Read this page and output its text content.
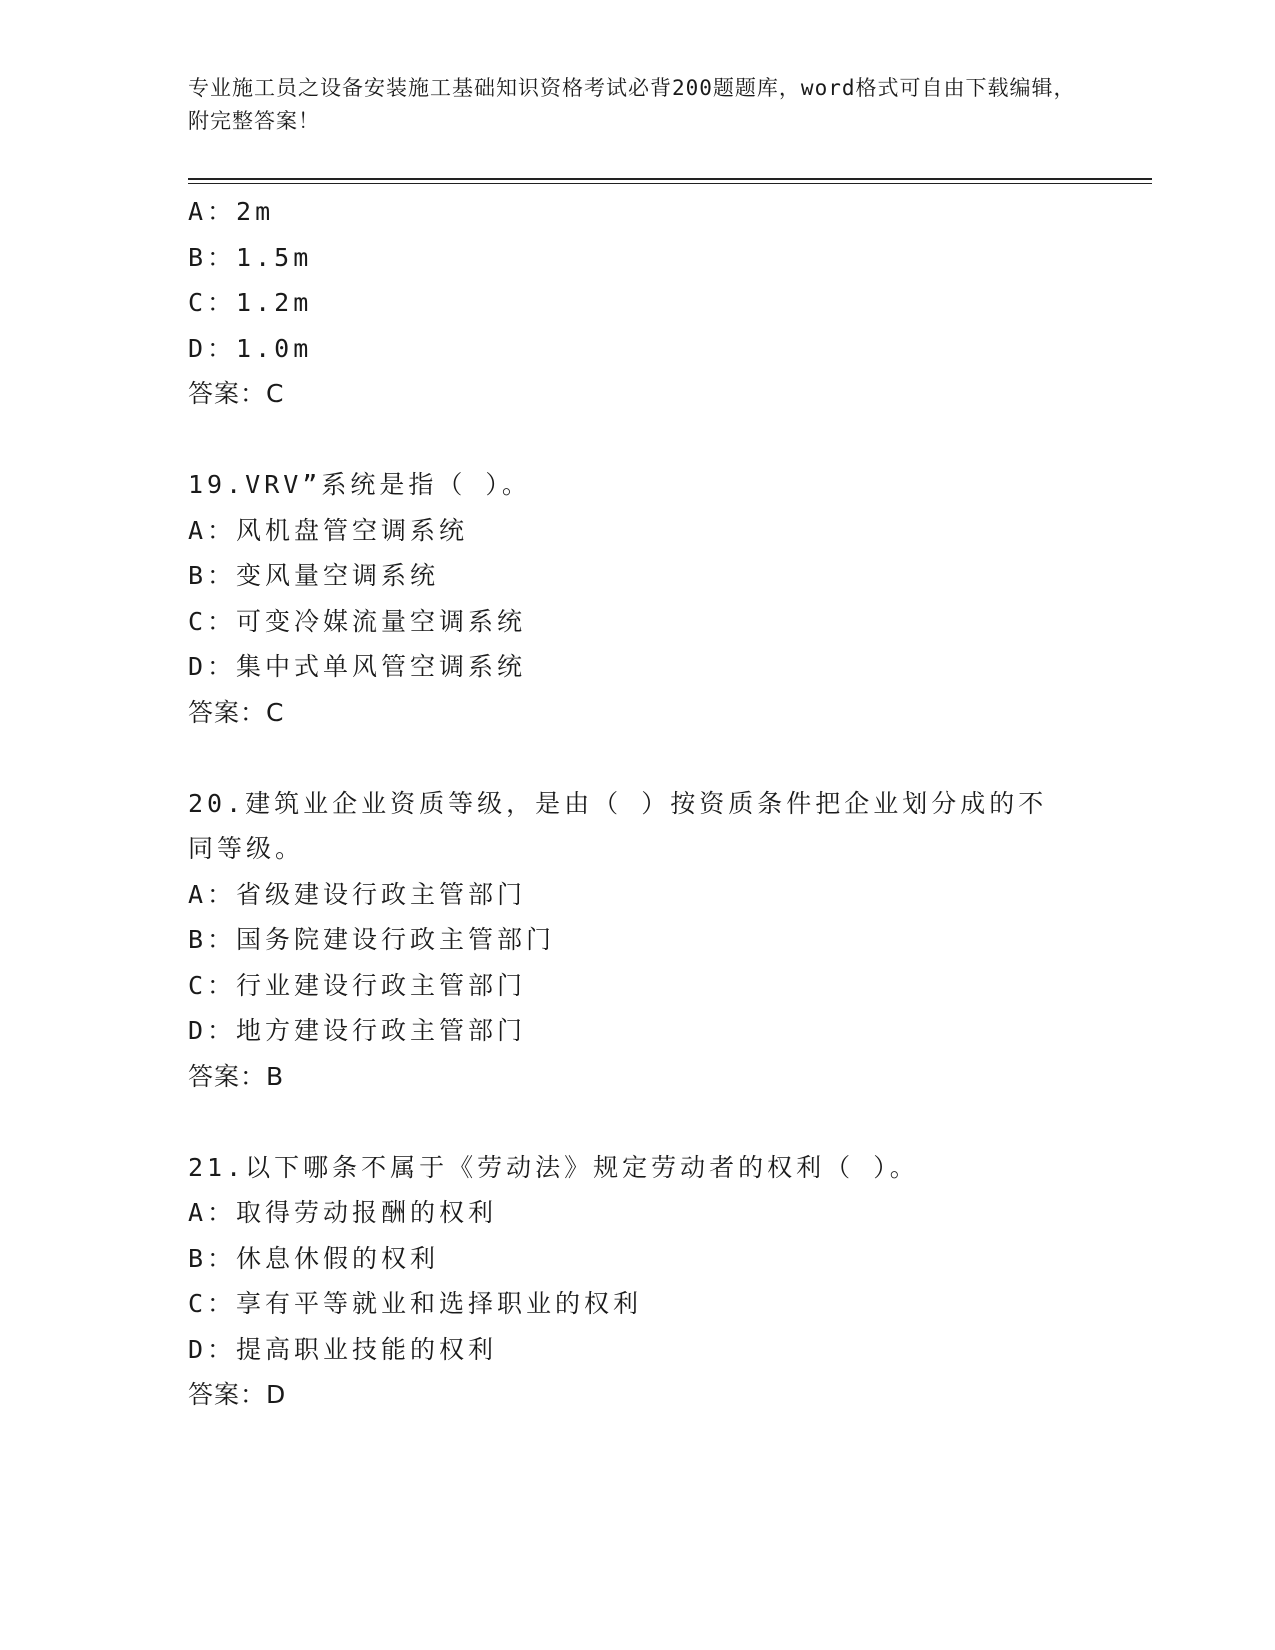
专业施工员之设备安装施工基础知识资格考试必背200题题库，word格式可自由下载编辑，附完整答案！
A：2m
B：1.5m
C：1.2m
D：1.0m
答案：C
19.VRV”系统是指（ ）。
A：风机盘管空调系统
B：变风量空调系统
C：可变冷媒流量空调系统
D：集中式单风管空调系统
答案：C
20.建筑业企业资质等级，是由（ ）按资质条件把企业划分成的不同等级。
A：省级建设行政主管部门
B：国务院建设行政主管部门
C：行业建设行政主管部门
D：地方建设行政主管部门
答案：B
21.以下哪条不属于《劳动法》规定劳动者的权利（ ）。
A：取得劳动报酬的权利
B：休息休假的权利
C：享有平等就业和选择职业的权利
D：提高职业技能的权利
答案：D
